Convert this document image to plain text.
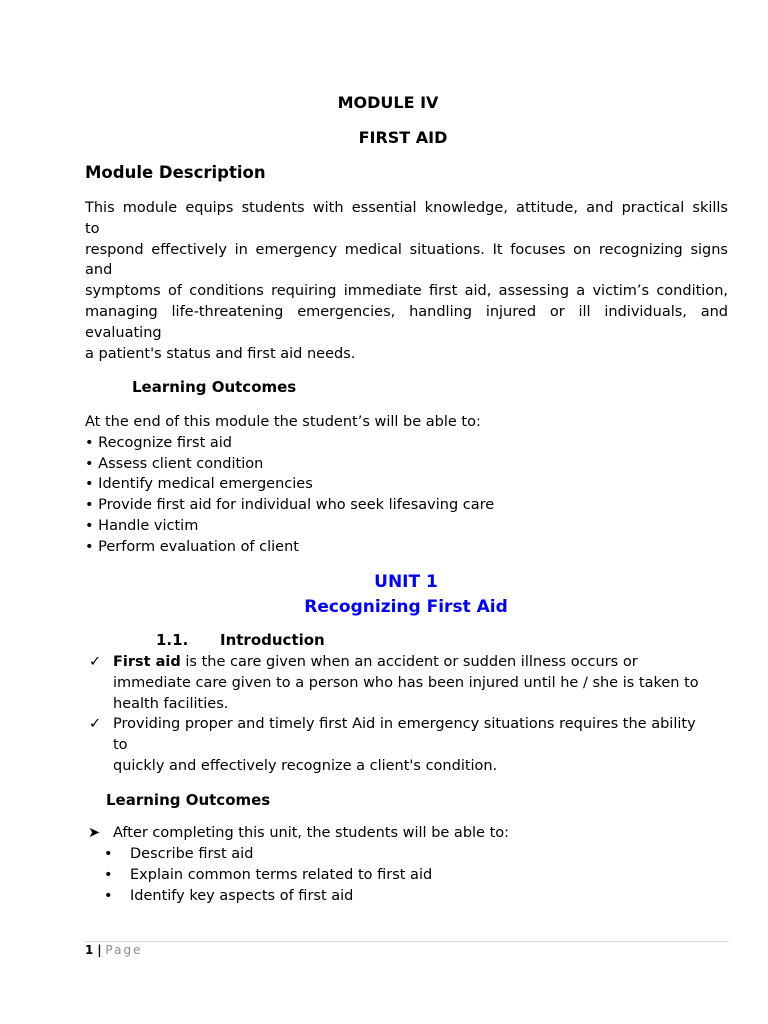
MODULE IV
FIRST AID
Module Description

This module equips students with essential knowledge, attitude, and practical skills

to

respond effectively in emergency medical situations. It focuses on recognizing signs

and

symptoms of conditions requiring immediate first aid, assessing a victim’s condition,

managing life-threatening emergencies, handling injured or ill individuals, and

evaluating

a patient's status and first aid needs.

Learning Outcomes

At the end of this module the student’s will be able to:

• Recognize first aid

• Assess client condition

• Identify medical emergencies

• Provide first aid for individual who seek lifesaving care

• Handle victim

• Perform evaluation of client

UNIT 1
Recognizing First Aid
1.1. Introduction
✓ First aid is the care given when an accident or sudden illness occurs or
immediate care given to a person who has been injured until he / she is taken to
health facilities.
✓ Providing proper and timely first Aid in emergency situations requires the ability
to
quickly and effectively recognize a client's condition.
Learning Outcomes
➤ After completing this unit, the students will be able to:
• Describe first aid
• Explain common terms related to first aid
• Identify key aspects of first aid
1 | Page
